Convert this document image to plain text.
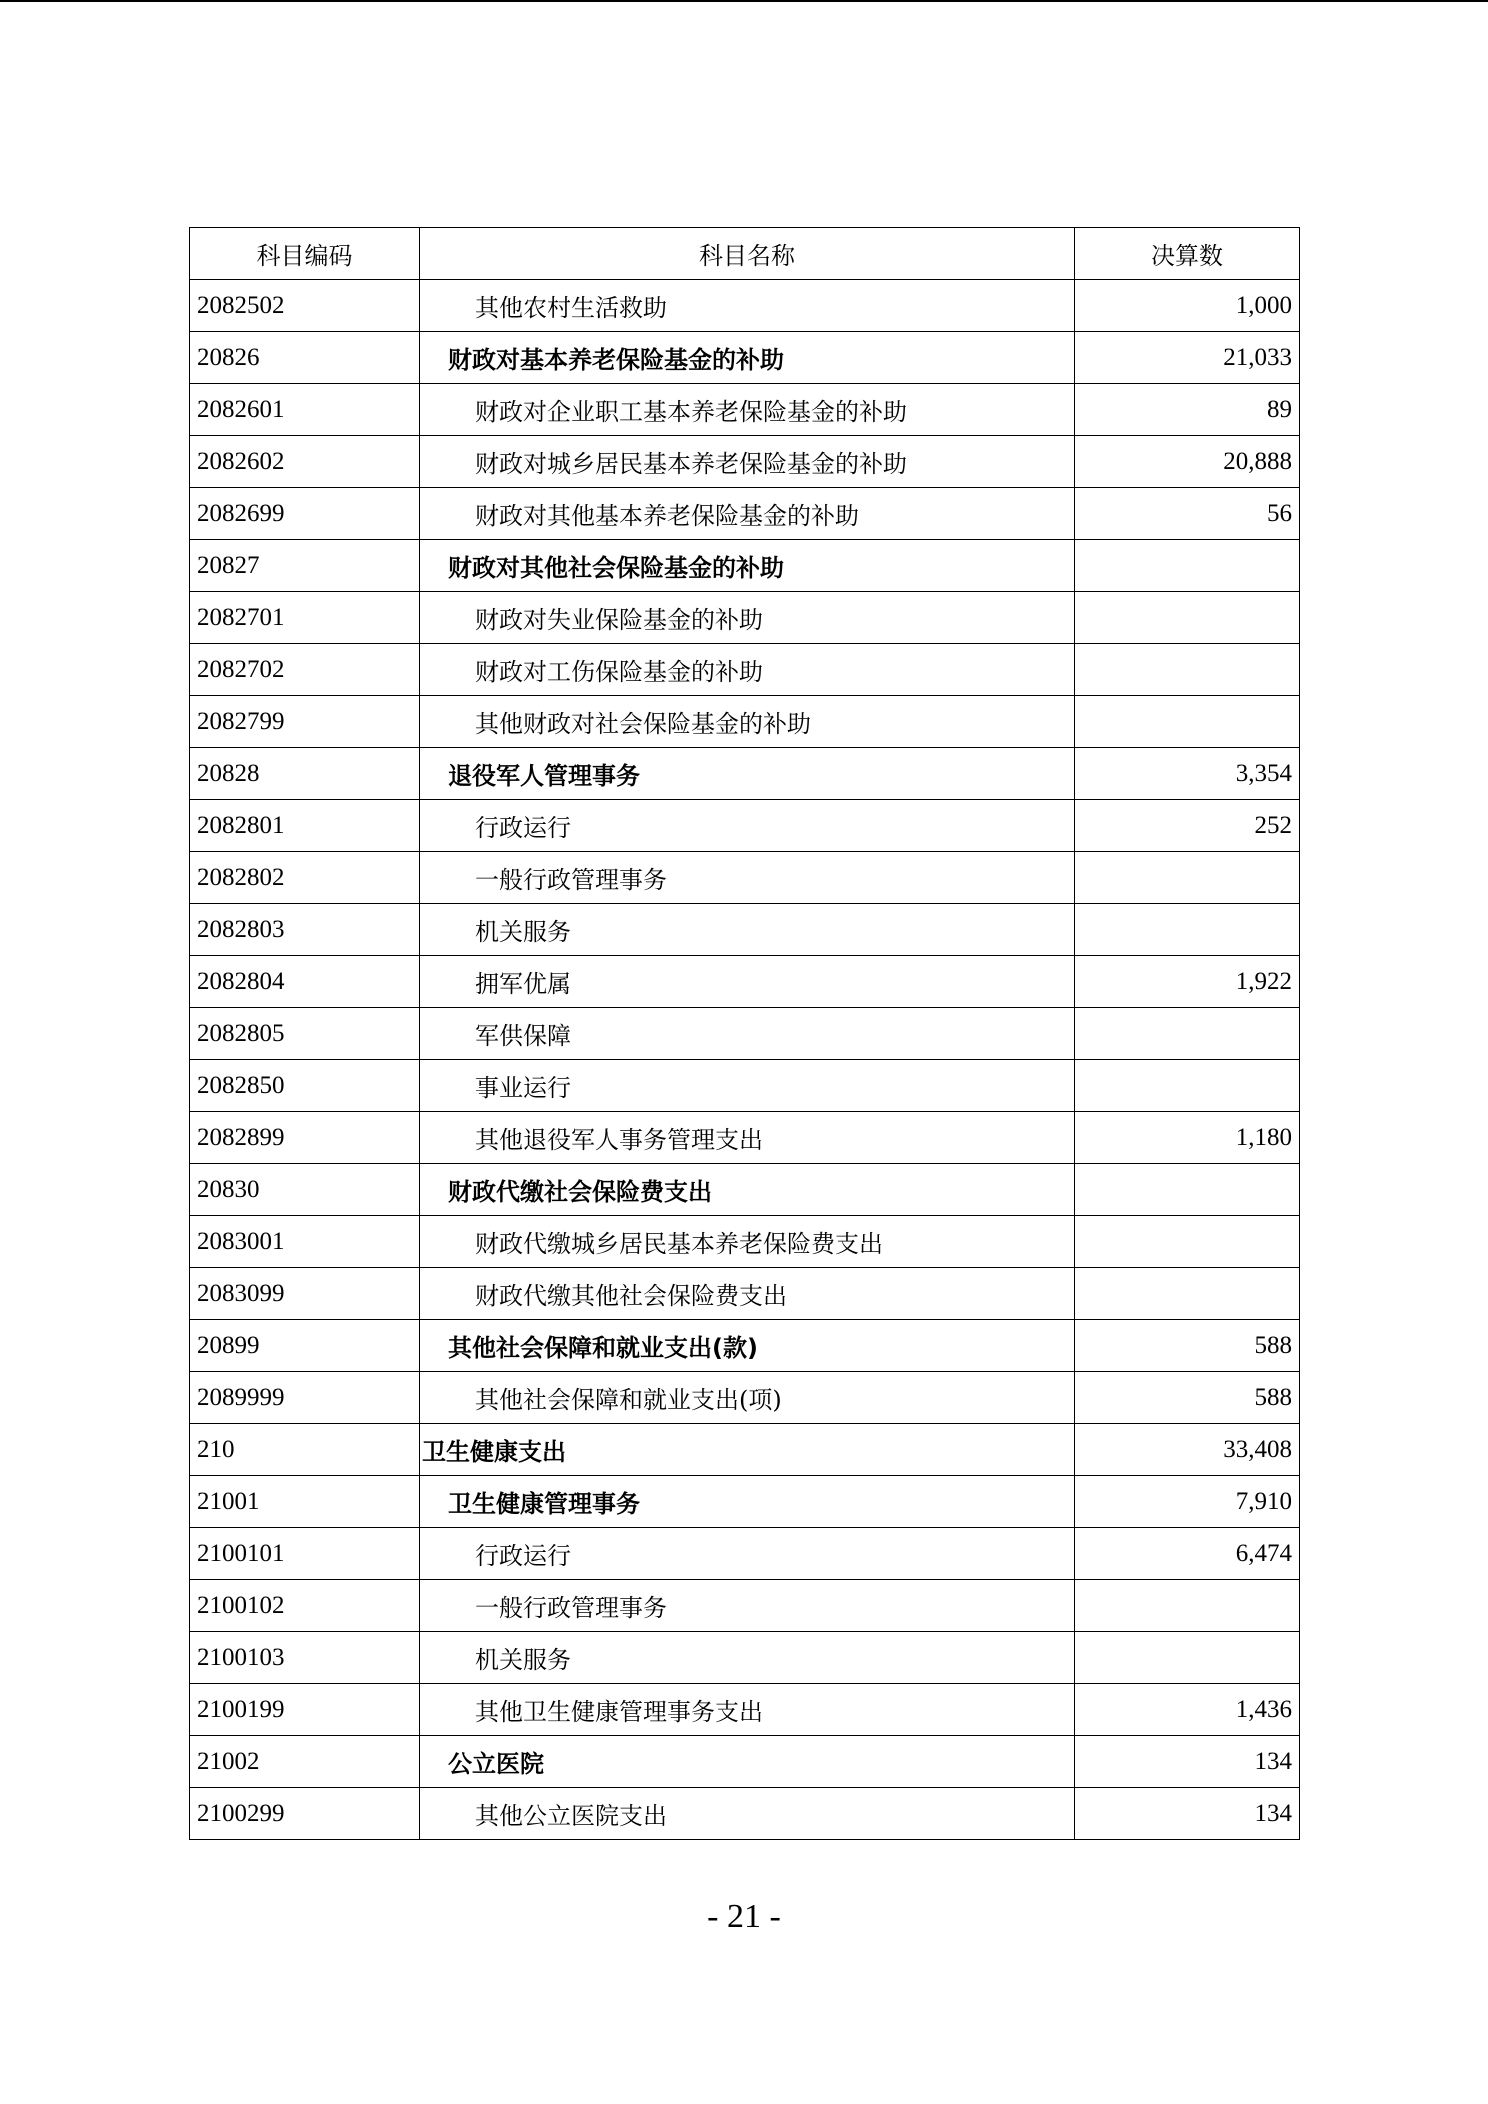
科目编码	科目名称	决算数
2082502	其他农村生活救助	1,000
20826	财政对基本养老保险基金的补助	21,033
2082601	财政对企业职工基本养老保险基金的补助	89
2082602	财政对城乡居民基本养老保险基金的补助	20,888
2082699	财政对其他基本养老保险基金的补助	56
20827	财政对其他社会保险基金的补助	
2082701	财政对失业保险基金的补助	
2082702	财政对工伤保险基金的补助	
2082799	其他财政对社会保险基金的补助	
20828	退役军人管理事务	3,354
2082801	行政运行	252
2082802	一般行政管理事务	
2082803	机关服务	
2082804	拥军优属	1,922
2082805	军供保障	
2082850	事业运行	
2082899	其他退役军人事务管理支出	1,180
20830	财政代缴社会保险费支出	
2083001	财政代缴城乡居民基本养老保险费支出	
2083099	财政代缴其他社会保险费支出	
20899	其他社会保障和就业支出(款)	588
2089999	其他社会保障和就业支出(项)	588
210	卫生健康支出	33,408
21001	卫生健康管理事务	7,910
2100101	行政运行	6,474
2100102	一般行政管理事务	
2100103	机关服务	
2100199	其他卫生健康管理事务支出	1,436
21002	公立医院	134
2100299	其他公立医院支出	134
- 21 -
